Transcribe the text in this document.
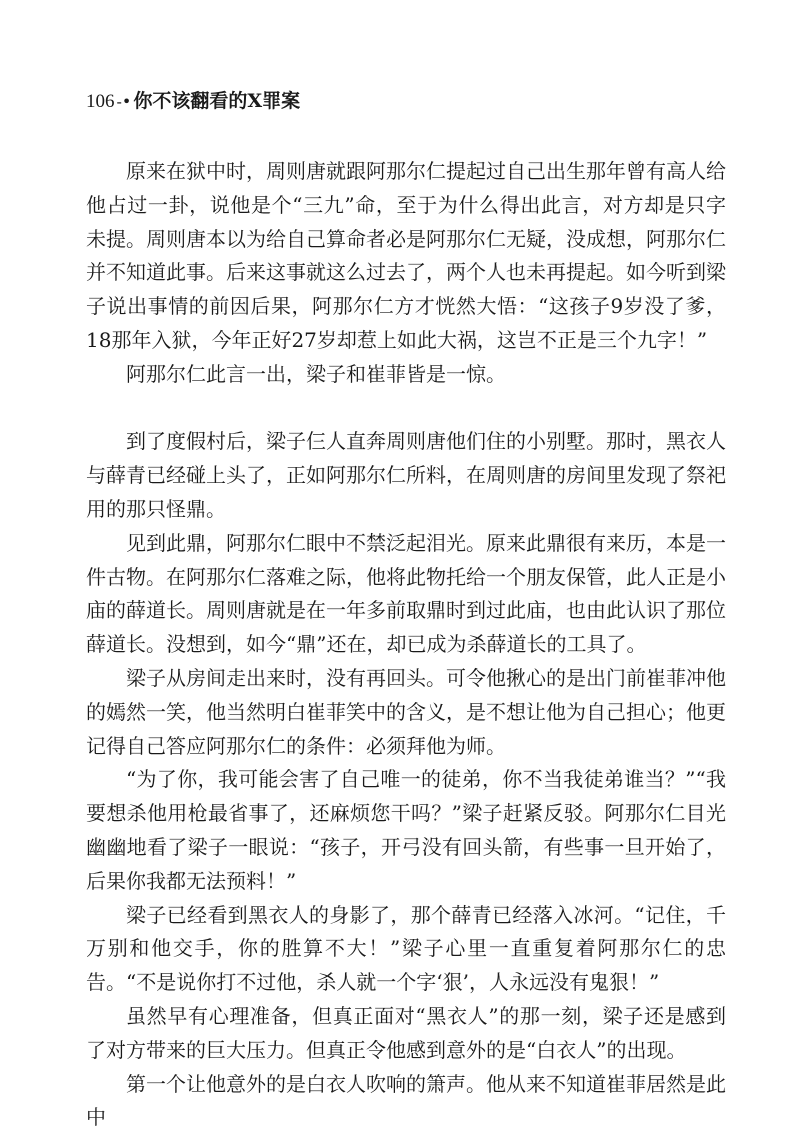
106 -• 你不该翻看的X罪案

原来在狱中时，周则唐就跟阿那尔仁提起过自己出生那年曾有高人给他占过一卦，说他是个“三九”命，至于为什么得出此言，对方却是只字未提。周则唐本以为给自己算命者必是阿那尔仁无疑，没成想，阿那尔仁并不知道此事。后来这事就这么过去了，两个人也未再提起。如今听到梁子说出事情的前因后果，阿那尔仁方才恍然大悟：“这孩子9岁没了爹，18那年入狱，今年正好27岁却惹上如此大祸，这岂不正是三个九字！”

阿那尔仁此言一出，梁子和崔菲皆是一惊。

到了度假村后，梁子仨人直奔周则唐他们住的小别墅。那时，黑衣人与薛青已经碰上头了，正如阿那尔仁所料，在周则唐的房间里发现了祭祀用的那只怪鼎。

见到此鼎，阿那尔仁眼中不禁泛起泪光。原来此鼎很有来历，本是一件古物。在阿那尔仁落难之际，他将此物托给一个朋友保管，此人正是小庙的薛道长。周则唐就是在一年多前取鼎时到过此庙，也由此认识了那位薛道长。没想到，如今“鼎”还在，却已成为杀薛道长的工具了。

梁子从房间走出来时，没有再回头。可令他揪心的是出门前崔菲冲他的嫣然一笑，他当然明白崔菲笑中的含义，是不想让他为自己担心；他更记得自己答应阿那尔仁的条件：必须拜他为师。

“为了你，我可能会害了自己唯一的徒弟，你不当我徒弟谁当？”“我要想杀他用枪最省事了，还麻烦您干吗？”梁子赶紧反驳。阿那尔仁目光幽幽地看了梁子一眼说：“孩子，开弓没有回头箭，有些事一旦开始了，后果你我都无法预料！”

梁子已经看到黑衣人的身影了，那个薛青已经落入冰河。“记住，千万别和他交手，你的胜算不大！”梁子心里一直重复着阿那尔仁的忠告。“不是说你打不过他，杀人就一个字‘狠’，人永远没有鬼狠！”

虽然早有心理准备，但真正面对“黑衣人”的那一刻，梁子还是感到了对方带来的巨大压力。但真正令他感到意外的是“白衣人”的出现。

第一个让他意外的是白衣人吹响的箫声。他从来不知道崔菲居然是此中
